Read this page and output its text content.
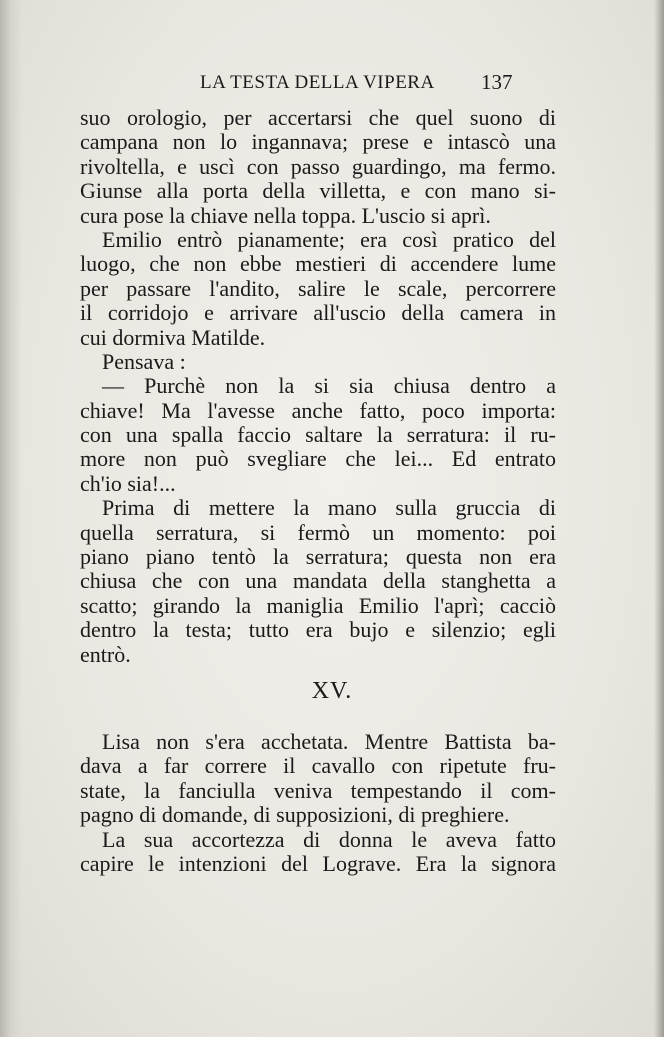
LA TESTA DELLA VIPERA 137
suo orologio, per accertarsi che quel suono di
campana non lo ingannava; prese e intascò una
rivoltella, e uscì con passo guardingo, ma fermo.
Giunse alla porta della villetta, e con mano si-
cura pose la chiave nella toppa. L'uscio si aprì.
Emilio entrò pianamente; era così pratico del
luogo, che non ebbe mestieri di accendere lume
per passare l'andito, salire le scale, percorrere
il corridojo e arrivare all'uscio della camera in
cui dormiva Matilde.
Pensava :
— Purchè non la si sia chiusa dentro a
chiave! Ma l'avesse anche fatto, poco importa:
con una spalla faccio saltare la serratura: il ru-
more non può svegliare che lei... Ed entrato
ch'io sia!...
Prima di mettere la mano sulla gruccia di
quella serratura, si fermò un momento: poi
piano piano tentò la serratura; questa non era
chiusa che con una mandata della stanghetta a
scatto; girando la maniglia Emilio l'aprì; cacciò
dentro la testa; tutto era bujo e silenzio; egli
entrò.
XV.
Lisa non s'era acchetata. Mentre Battista ba-
dava a far correre il cavallo con ripetute fru-
state, la fanciulla veniva tempestando il com-
pagno di domande, di supposizioni, di preghiere.
La sua accortezza di donna le aveva fatto
capire le intenzioni del Lograve. Era la signora
